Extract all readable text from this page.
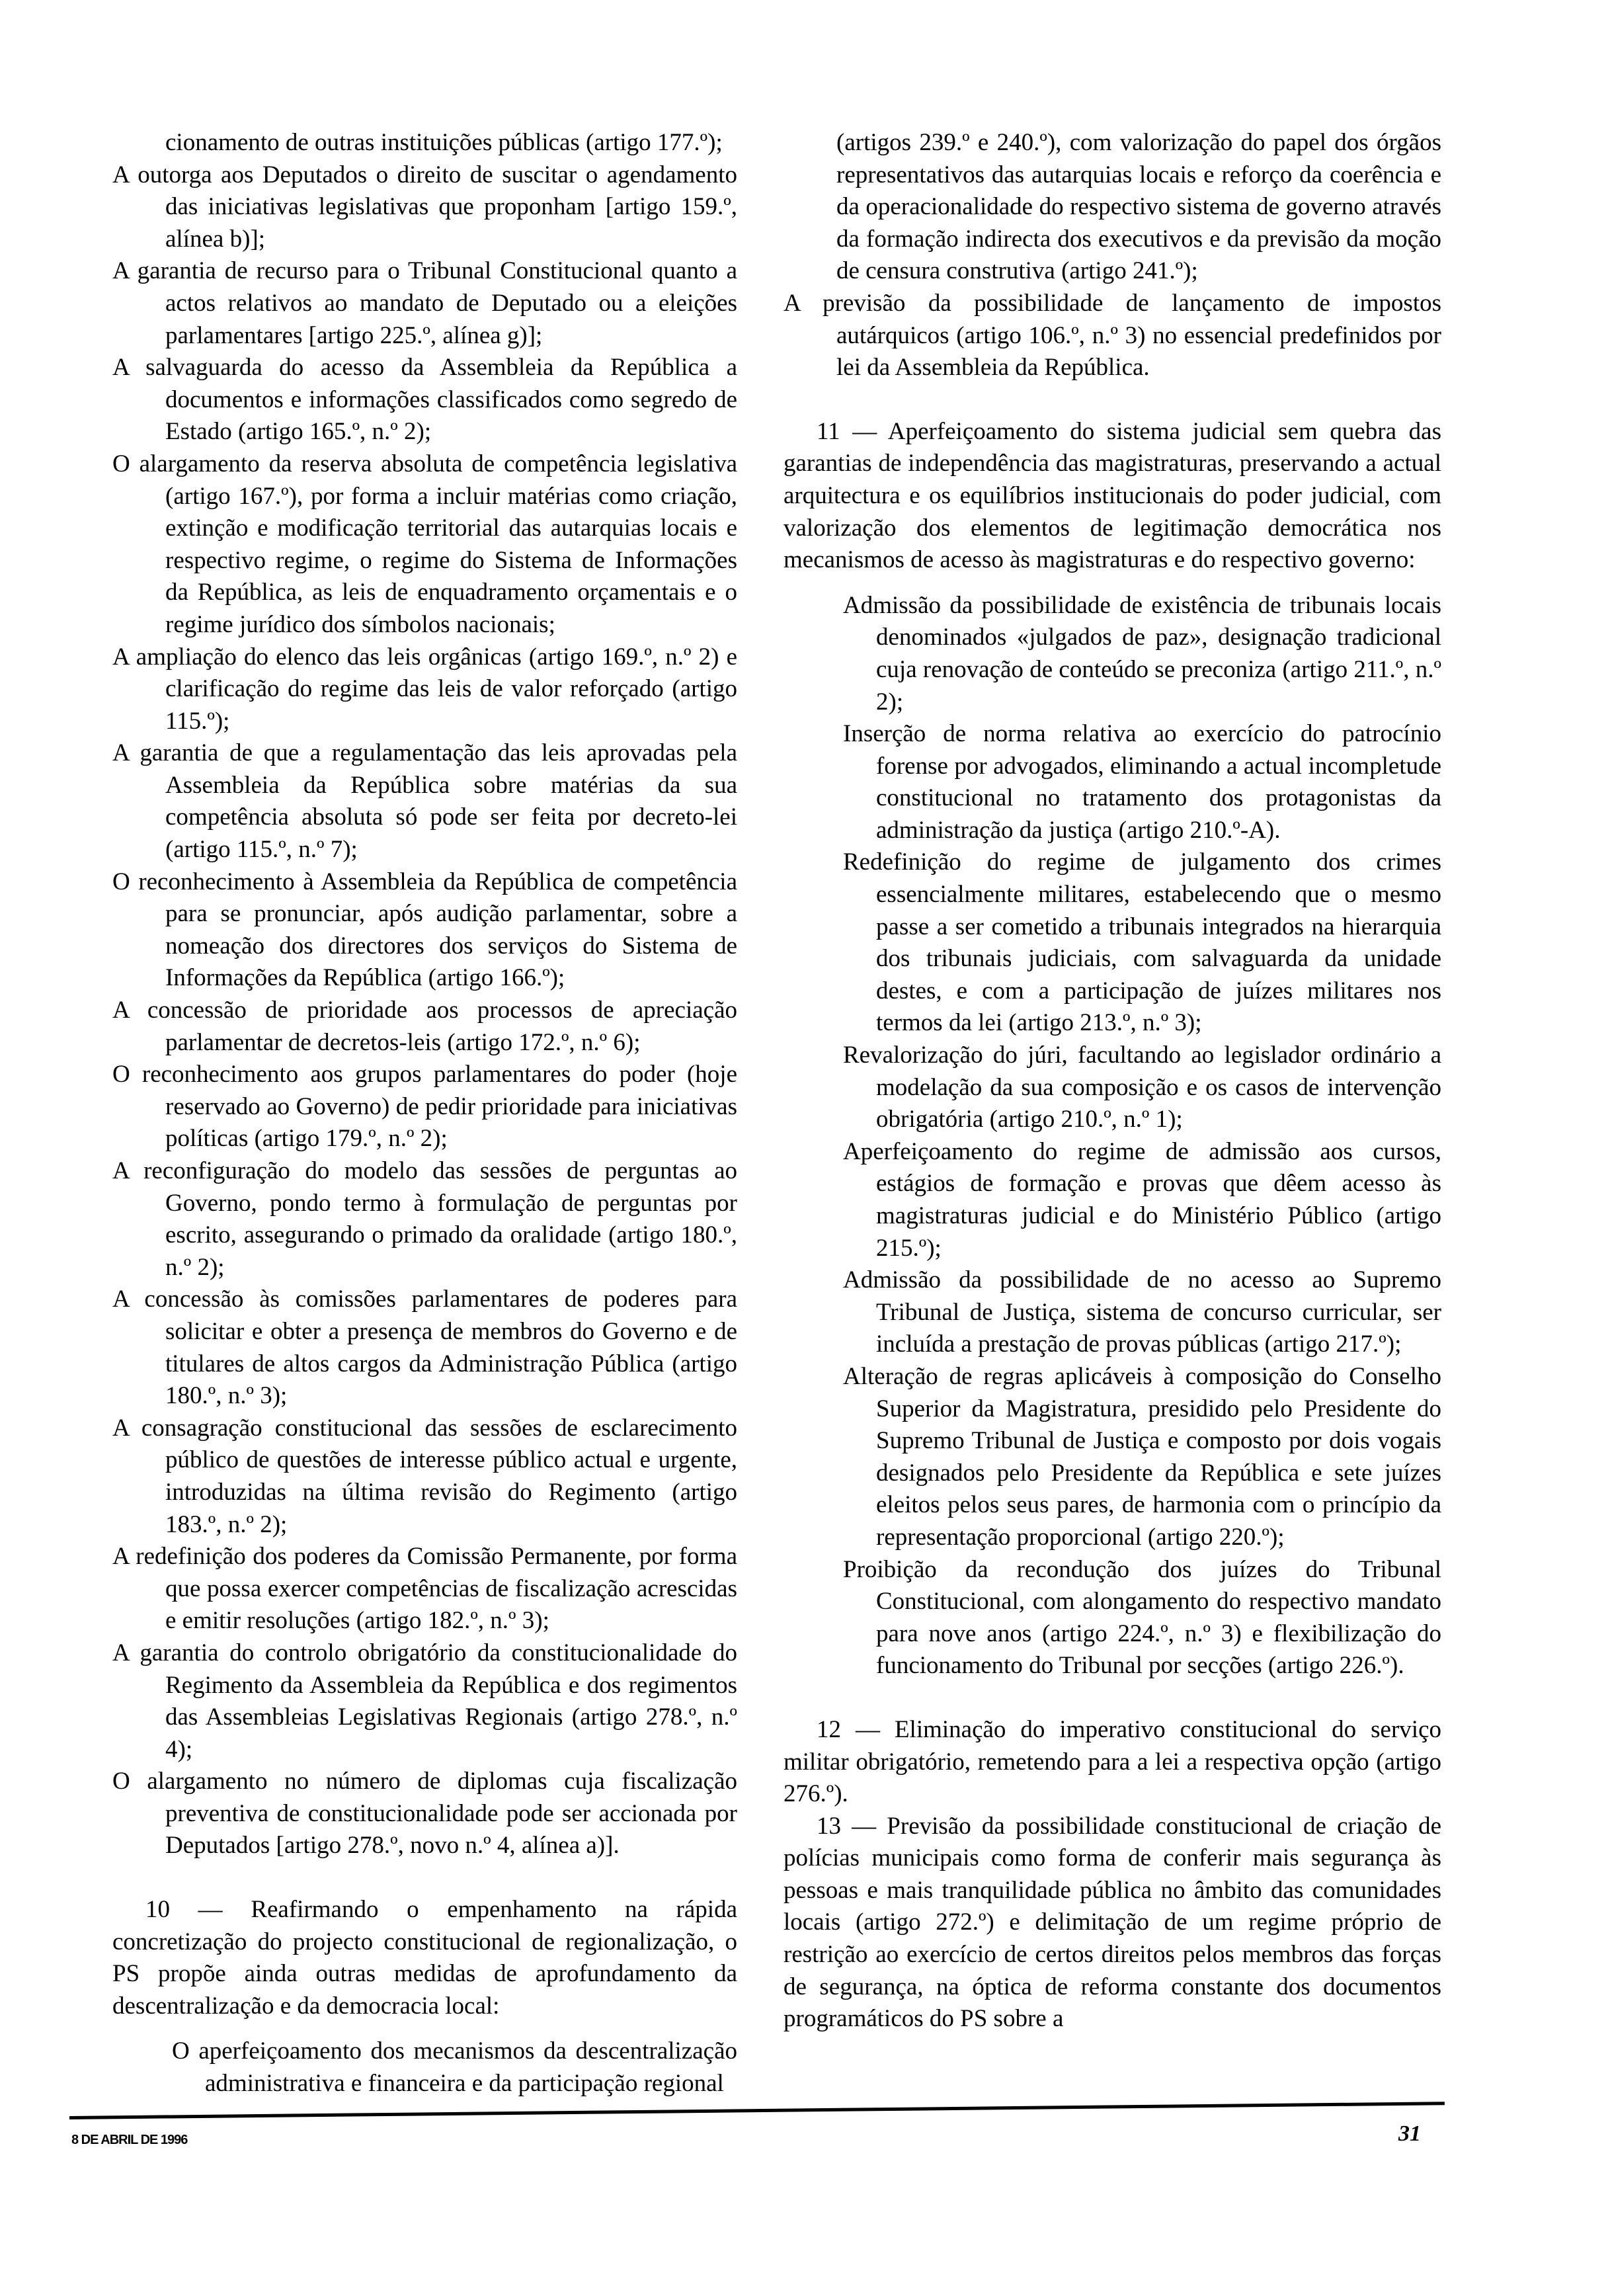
cionamento de outras instituições públicas (artigo 177.º);

A outorga aos Deputados o direito de suscitar o agendamento das iniciativas legislativas que proponham [artigo 159.º, alínea b)];

A garantia de recurso para o Tribunal Constitucional quanto a actos relativos ao mandato de Deputado ou a eleições parlamentares [artigo 225.º, alínea g)];

A salvaguarda do acesso da Assembleia da República a documentos e informações classificados como segredo de Estado (artigo 165.º, n.º 2);

O alargamento da reserva absoluta de competência legislativa (artigo 167.º), por forma a incluir matérias como criação, extinção e modificação territorial das autarquias locais e respectivo regime, o regime do Sistema de Informações da República, as leis de enquadramento orçamentais e o regime jurídico dos símbolos nacionais;

A ampliação do elenco das leis orgânicas (artigo 169.º, n.º 2) e clarificação do regime das leis de valor reforçado (artigo 115.º);

A garantia de que a regulamentação das leis aprovadas pela Assembleia da República sobre matérias da sua competência absoluta só pode ser feita por decreto-lei (artigo 115.º, n.º 7);

O reconhecimento à Assembleia da República de competência para se pronunciar, após audição parlamentar, sobre a nomeação dos directores dos serviços do Sistema de Informações da República (artigo 166.º);

A concessão de prioridade aos processos de apreciação parlamentar de decretos-leis (artigo 172.º, n.º 6);

O reconhecimento aos grupos parlamentares do poder (hoje reservado ao Governo) de pedir prioridade para iniciativas políticas (artigo 179.º, n.º 2);

A reconfiguração do modelo das sessões de perguntas ao Governo, pondo termo à formulação de perguntas por escrito, assegurando o primado da oralidade (artigo 180.º, n.º 2);

A concessão às comissões parlamentares de poderes para solicitar e obter a presença de membros do Governo e de titulares de altos cargos da Administração Pública (artigo 180.º, n.º 3);

A consagração constitucional das sessões de esclarecimento público de questões de interesse público actual e urgente, introduzidas na última revisão do Regimento (artigo 183.º, n.º 2);

A redefinição dos poderes da Comissão Permanente, por forma que possa exercer competências de fiscalização acrescidas e emitir resoluções (artigo 182.º, n.º 3);

A garantia do controlo obrigatório da constitucionalidade do Regimento da Assembleia da República e dos regimentos das Assembleias Legislativas Regionais (artigo 278.º, n.º 4);

O alargamento no número de diplomas cuja fiscalização preventiva de constitucionalidade pode ser accionada por Deputados [artigo 278.º, novo n.º 4, alínea a)].

10 — Reafirmando o empenhamento na rápida concretização do projecto constitucional de regionalização, o PS propõe ainda outras medidas de aprofundamento da descentralização e da democracia local:

O aperfeiçoamento dos mecanismos da descentralização administrativa e financeira e da participação regional

(artigos 239.º e 240.º), com valorização do papel dos órgãos representativos das autarquias locais e reforço da coerência e da operacionalidade do respectivo sistema de governo através da formação indirecta dos executivos e da previsão da moção de censura construtiva (artigo 241.º);

A previsão da possibilidade de lançamento de impostos autárquicos (artigo 106.º, n.º 3) no essencial predefinidos por lei da Assembleia da República.

11 — Aperfeiçoamento do sistema judicial sem quebra das garantias de independência das magistraturas, preservando a actual arquitectura e os equilíbrios institucionais do poder judicial, com valorização dos elementos de legitimação democrática nos mecanismos de acesso às magistraturas e do respectivo governo:

Admissão da possibilidade de existência de tribunais locais denominados «julgados de paz», designação tradicional cuja renovação de conteúdo se preconiza (artigo 211.º, n.º 2);

Inserção de norma relativa ao exercício do patrocínio forense por advogados, eliminando a actual incompletude constitucional no tratamento dos protagonistas da administração da justiça (artigo 210.º-A).

Redefinição do regime de julgamento dos crimes essencialmente militares, estabelecendo que o mesmo passe a ser cometido a tribunais integrados na hierarquia dos tribunais judiciais, com salvaguarda da unidade destes, e com a participação de juízes militares nos termos da lei (artigo 213.º, n.º 3);

Revalorização do júri, facultando ao legislador ordinário a modelação da sua composição e os casos de intervenção obrigatória (artigo 210.º, n.º 1);

Aperfeiçoamento do regime de admissão aos cursos, estágios de formação e provas que dêem acesso às magistraturas judicial e do Ministério Público (artigo 215.º);

Admissão da possibilidade de no acesso ao Supremo Tribunal de Justiça, sistema de concurso curricular, ser incluída a prestação de provas públicas (artigo 217.º);

Alteração de regras aplicáveis à composição do Conselho Superior da Magistratura, presidido pelo Presidente do Supremo Tribunal de Justiça e composto por dois vogais designados pelo Presidente da República e sete juízes eleitos pelos seus pares, de harmonia com o princípio da representação proporcional (artigo 220.º);

Proibição da recondução dos juízes do Tribunal Constitucional, com alongamento do respectivo mandato para nove anos (artigo 224.º, n.º 3) e flexibilização do funcionamento do Tribunal por secções (artigo 226.º).

12 — Eliminação do imperativo constitucional do serviço militar obrigatório, remetendo para a lei a respectiva opção (artigo 276.º).

13 — Previsão da possibilidade constitucional de criação de polícias municipais como forma de conferir mais segurança às pessoas e mais tranquilidade pública no âmbito das comunidades locais (artigo 272.º) e delimitação de um regime próprio de restrição ao exercício de certos direitos pelos membros das forças de segurança, na óptica de reforma constante dos documentos programáticos do PS sobre a

8 DE ABRIL DE 1996	31
